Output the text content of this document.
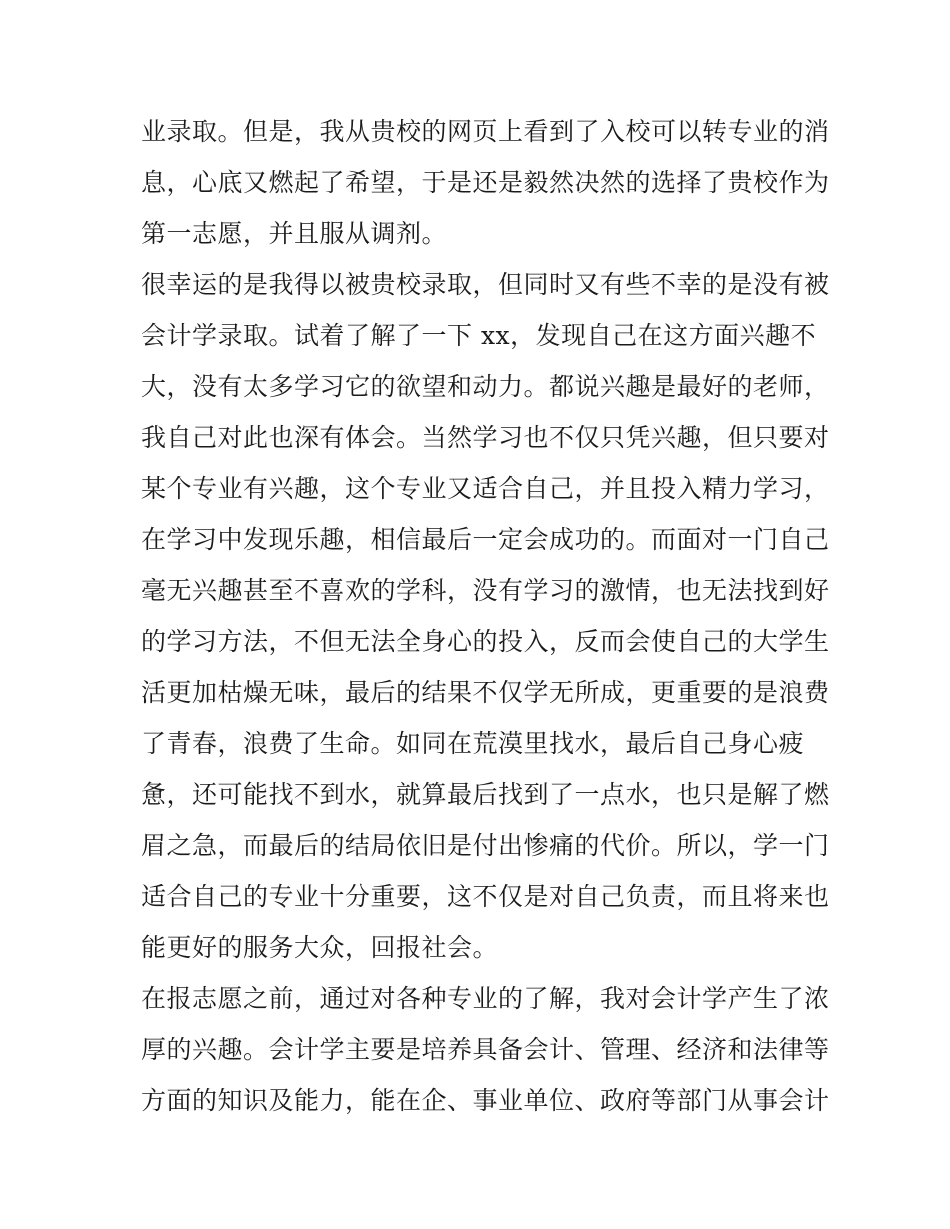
业录取。但是，我从贵校的网页上看到了入校可以转专业的消
息，心底又燃起了希望，于是还是毅然决然的选择了贵校作为
第一志愿，并且服从调剂。
很幸运的是我得以被贵校录取，但同时又有些不幸的是没有被
会计学录取。试着了解了一下 xx，发现自己在这方面兴趣不
大，没有太多学习它的欲望和动力。都说兴趣是最好的老师，
我自己对此也深有体会。当然学习也不仅只凭兴趣，但只要对
某个专业有兴趣，这个专业又适合自己，并且投入精力学习，
在学习中发现乐趣，相信最后一定会成功的。而面对一门自己
毫无兴趣甚至不喜欢的学科，没有学习的激情，也无法找到好
的学习方法，不但无法全身心的投入，反而会使自己的大学生
活更加枯燥无味，最后的结果不仅学无所成，更重要的是浪费
了青春，浪费了生命。如同在荒漠里找水，最后自己身心疲
惫，还可能找不到水，就算最后找到了一点水，也只是解了燃
眉之急，而最后的结局依旧是付出惨痛的代价。所以，学一门
适合自己的专业十分重要，这不仅是对自己负责，而且将来也
能更好的服务大众，回报社会。
在报志愿之前，通过对各种专业的了解，我对会计学产生了浓
厚的兴趣。会计学主要是培养具备会计、管理、经济和法律等
方面的知识及能力，能在企、事业单位、政府等部门从事会计
